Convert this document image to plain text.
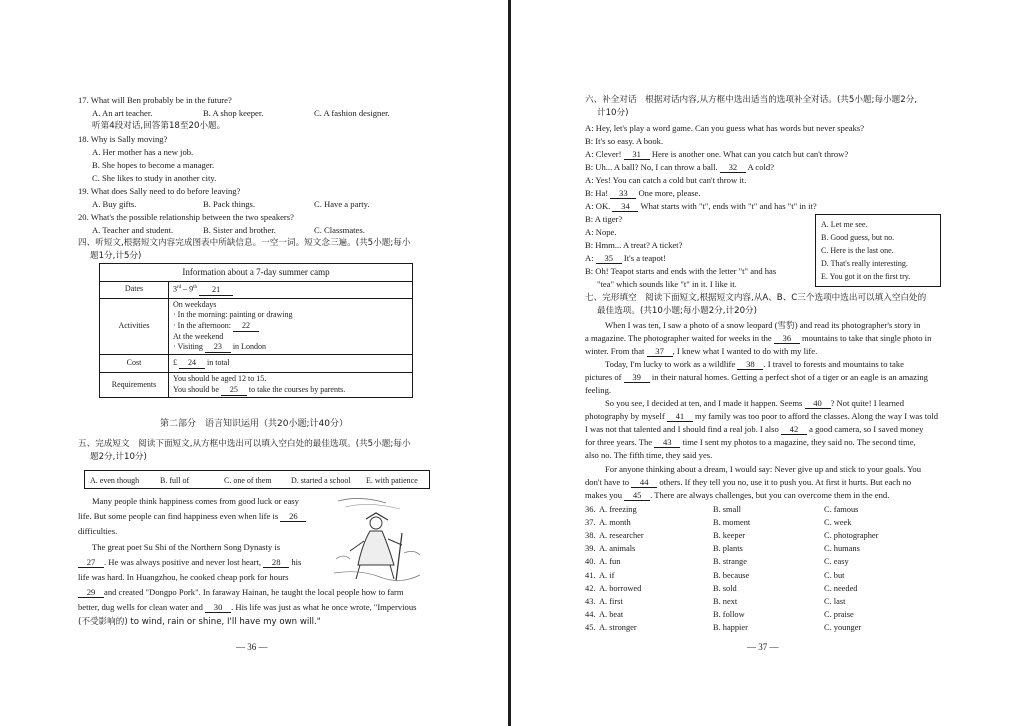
17. What will Ben probably be in the future?
A. An art teacher.	B. A shop keeper.	C. A fashion designer.
听第4段对话,回答第18至20小题。
18. Why is Sally moving?
A. Her mother has a new job.
B. She hopes to become a manager.
C. She likes to study in another city.
19. What does Sally need to do before leaving?
A. Buy gifts.	B. Pack things.	C. Have a party.
20. What's the possible relationship between the two speakers?
A. Teacher and student.	B. Sister and brother.	C. Classmates.
四、听短文,根据短文内容完成图表中所缺信息。一空一词。短文念三遍。(共5小题;每小
题1分,计5分)
Information about a 7-day summer camp	
Dates	3rd – 9th 21
Activities	On weekdays
· In the morning: painting or drawing
· In the afternoon: 22
At the weekend
· Visiting 23 in London

Cost	£ 24 in total
Requirements	You should be aged 12 to 15.
You should be 25 to take the courses by parents.
第二部分　语言知识运用（共20小题;计40分）
五、完成短文　阅读下面短文,从方框中选出可以填入空白处的最佳选项。(共5小题;每小
题2分,计10分)
A. even though	B. full of	C. one of them D. started a school E. with patience
Many people think happiness comes from good luck or easy
life. But some people can find happiness even when life is 26
difficulties.
The great poet Su Shi of the Northern Song Dynasty is
27 . He was always positive and never lost heart, 28 his
life was hard. In Huangzhou, he cooked cheap pork for hours
29 and created "Dongpo Pork". In faraway Hainan, he taught the local people how to farm
better, dug wells for clean water and 30 . His life was just as what he once wrote, "Impervious
(不受影响的) to wind, rain or shine, I'll have my own will."
— 36 —
六、补全对话　根据对话内容,从方框中选出适当的选项补全对话。(共5小题;每小题2分,
计10分)
A: Hey, let's play a word game. Can you guess what has words but never speaks?
B: It's so easy. A book.
A: Clever! 31 Here is another one. What can you catch but can't throw?
B: Uh... A ball? No, I can throw a ball. 32 A cold?
A: Yes! You can catch a cold but can't throw it.
B: Ha! 33 One more, please.
A: OK. 34 What starts with "t", ends with "t" and has "t" in it?
B: A tiger?
A: Nope.
B: Hmm... A treat? A ticket?
A: 35 It's a teapot!
B: Oh! Teapot starts and ends with the letter "t" and has
"tea" which sounds like "t" in it. I like it.
A. Let me see.
B. Good guess, but no.
C. Here is the last one.
D. That's really interesting.
E. You got it on the first try.
七、完形填空　阅读下面短文,根据短文内容,从A、B、C三个选项中选出可以填入空白处的
最佳选项。(共10小题;每小题2分,计20分)
When I was ten, I saw a photo of a snow leopard (雪豹) and read its photographer's story in
a magazine. The photographer waited for weeks in the 36 mountains to take that single photo in
winter. From that 37 , I knew what I wanted to do with my life.
Today, I'm lucky to work as a wildlife 38 . I travel to forests and mountains to take
pictures of 39 in their natural homes. Getting a perfect shot of a tiger or an eagle is an amazing
feeling.
So you see, I decided at ten, and I made it happen. Seems 40 ? Not quite! I learned
photography by myself 41 my family was too poor to afford the classes. Along the way I was told
I was not that talented and I should find a real job. I also 42 a good camera, so I saved money
for three years. The 43 time I sent my photos to a magazine, they said no. The second time,
also no. The fifth time, they said yes.
For anyone thinking about a dream, I would say: Never give up and stick to your goals. You
don't have to 44 others. If they tell you no, use it to push you. At first it hurts. But each no
makes you 45 . There are always challenges, but you can overcome them in the end.
36. A. freezing	B. small	C. famous
37. A. month	B. moment	C. week
38. A. researcher	B. keeper	C. photographer
39. A. animals	B. plants	C. humans
40. A. fun	B. strange	C. easy
41. A. if	B. because	C. but
42. A. borrowed	B. sold	C. needed
43. A. first	B. next	C. last
44. A. beat	B. follow	C. praise
45. A. stronger	B. happier	C. younger
— 37 —
